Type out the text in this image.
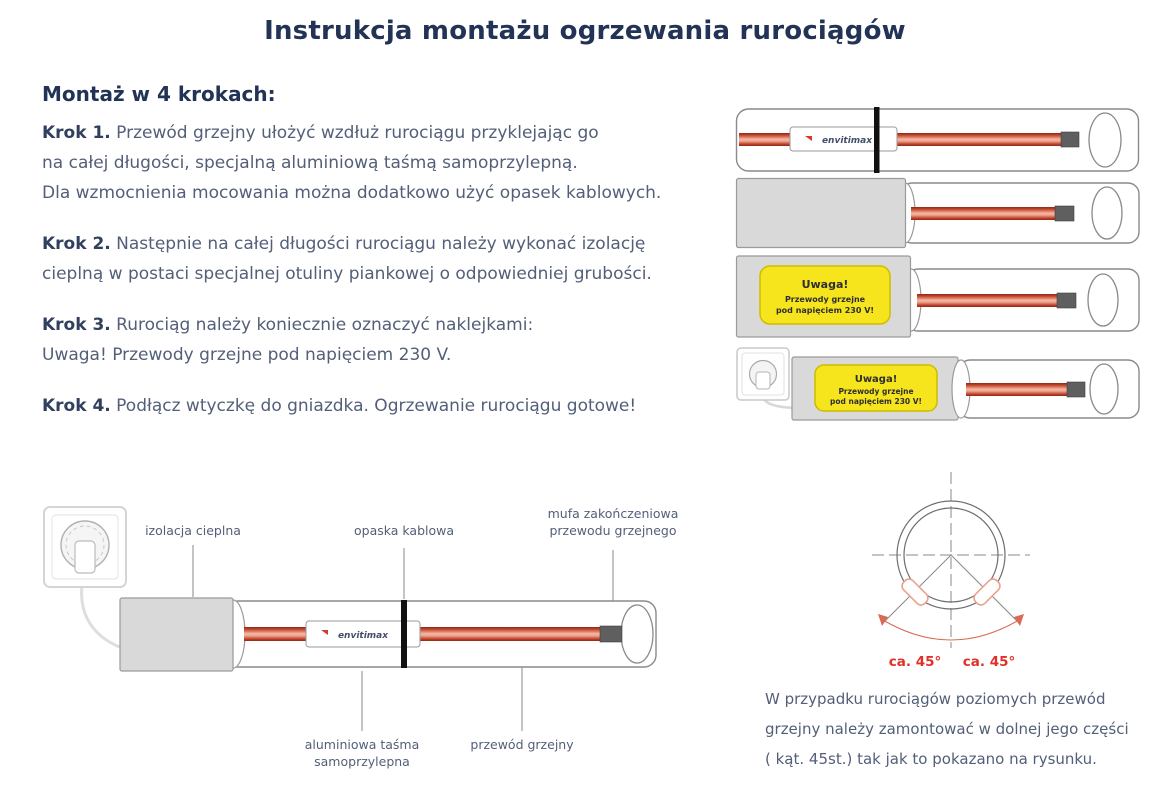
Instrukcja montażu ogrzewania rurociągów
Montaż w 4 krokach:
Krok 1. Przewód grzejny ułożyć wzdłuż rurociągu przyklejając go
na całej długości, specjalną aluminiową taśmą samoprzylepną.
Dla wzmocnienia mocowania można dodatkowo użyć opasek kablowych.
Krok 2. Następnie na całej długości rurociągu należy wykonać izolację
cieplną w postaci specjalnej otuliny piankowej o odpowiedniej grubości.
Krok 3. Rurociąg należy koniecznie oznaczyć naklejkami:
Uwaga! Przewody grzejne pod napięciem 230 V.
Krok 4. Podłącz wtyczkę do gniazdka. Ogrzewanie rurociągu gotowe!
envitimax
Uwaga!
Przewody grzejne
pod napięciem 230 V!
Uwaga!
Przewody grzejne
pod napięciem 230 V!
envitimax
izolacja cieplna	opaska kablowa
mufa zakończeniowa
przewodu grzejnego
aluminiowa taśma
samoprzylepna
przewód grzejny
ca. 45° ca. 45°
W przypadku rurociągów poziomych przewód
grzejny należy zamontować w dolnej jego części
( kąt. 45st.) tak jak to pokazano na rysunku.
